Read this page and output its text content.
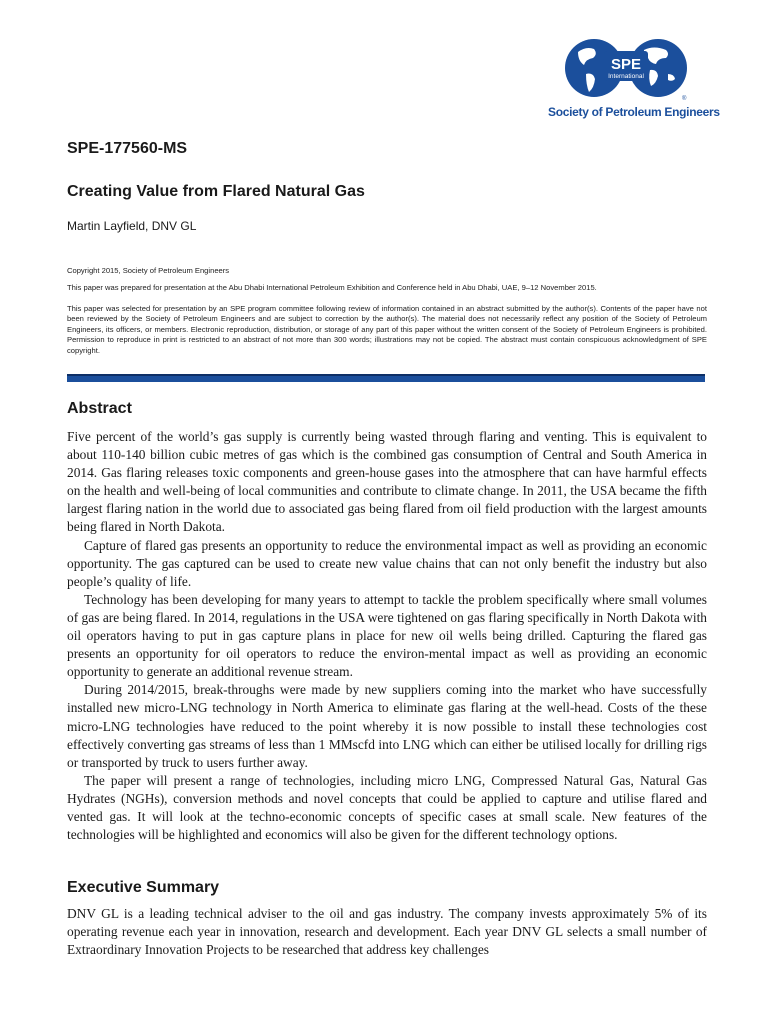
SPE
International
®
Society of Petroleum Engineers
SPE-177560-MS
Creating Value from Flared Natural Gas
Martin Layfield, DNV GL
Copyright 2015, Society of Petroleum Engineers
This paper was prepared for presentation at the Abu Dhabi International Petroleum Exhibition and Conference held in Abu Dhabi, UAE, 9–12 November 2015.
This paper was selected for presentation by an SPE program committee following review of information contained in an abstract submitted by the author(s). Contents of the paper have not been reviewed by the Society of Petroleum Engineers and are subject to correction by the author(s). The material does not necessarily reflect any position of the Society of Petroleum Engineers, its officers, or members. Electronic reproduction, distribution, or storage of any part of this paper without the written consent of the Society of Petroleum Engineers is prohibited. Permission to reproduce in print is restricted to an abstract of not more than 300 words; illustrations may not be copied. The abstract must contain conspicuous acknowledgment of SPE copyright.
Abstract

Five percent of the world’s gas supply is currently being wasted through flaring and venting. This is equivalent to about 110-140 billion cubic metres of gas which is the combined gas consumption of Central and South America in 2014. Gas flaring releases toxic components and green-house gases into the atmosphere that can have harmful effects on the health and well-being of local communities and contribute to climate change. In 2011, the USA became the fifth largest flaring nation in the world due to associated gas being flared from oil field production with the largest amounts being flared in North Dakota.

Capture of flared gas presents an opportunity to reduce the environmental impact as well as providing an economic opportunity. The gas captured can be used to create new value chains that can not only benefit the industry but also people’s quality of life.

Technology has been developing for many years to attempt to tackle the problem specifically where small volumes of gas are being flared. In 2014, regulations in the USA were tightened on gas flaring specifically in North Dakota with oil operators having to put in gas capture plans in place for new oil wells being drilled. Capturing the flared gas presents an opportunity for oil operators to reduce the environ-mental impact as well as providing an economic opportunity to generate an additional revenue stream.

During 2014/2015, break-throughs were made by new suppliers coming into the market who have successfully installed new micro-LNG technology in North America to eliminate gas flaring at the well-head. Costs of the these micro-LNG technologies have reduced to the point whereby it is now possible to install these technologies cost effectively converting gas streams of less than 1 MMscfd into LNG which can either be utilised locally for drilling rigs or transported by truck to users further away.

The paper will present a range of technologies, including micro LNG, Compressed Natural Gas, Natural Gas Hydrates (NGHs), conversion methods and novel concepts that could be applied to capture and utilise flared and vented gas. It will look at the techno-economic concepts of specific cases at small scale. New features of the technologies will be highlighted and economics will also be given for the different technology options.

Executive Summary

DNV GL is a leading technical adviser to the oil and gas industry. The company invests approximately 5% of its operating revenue each year in innovation, research and development. Each year DNV GL selects a small number of Extraordinary Innovation Projects to be researched that address key challenges
